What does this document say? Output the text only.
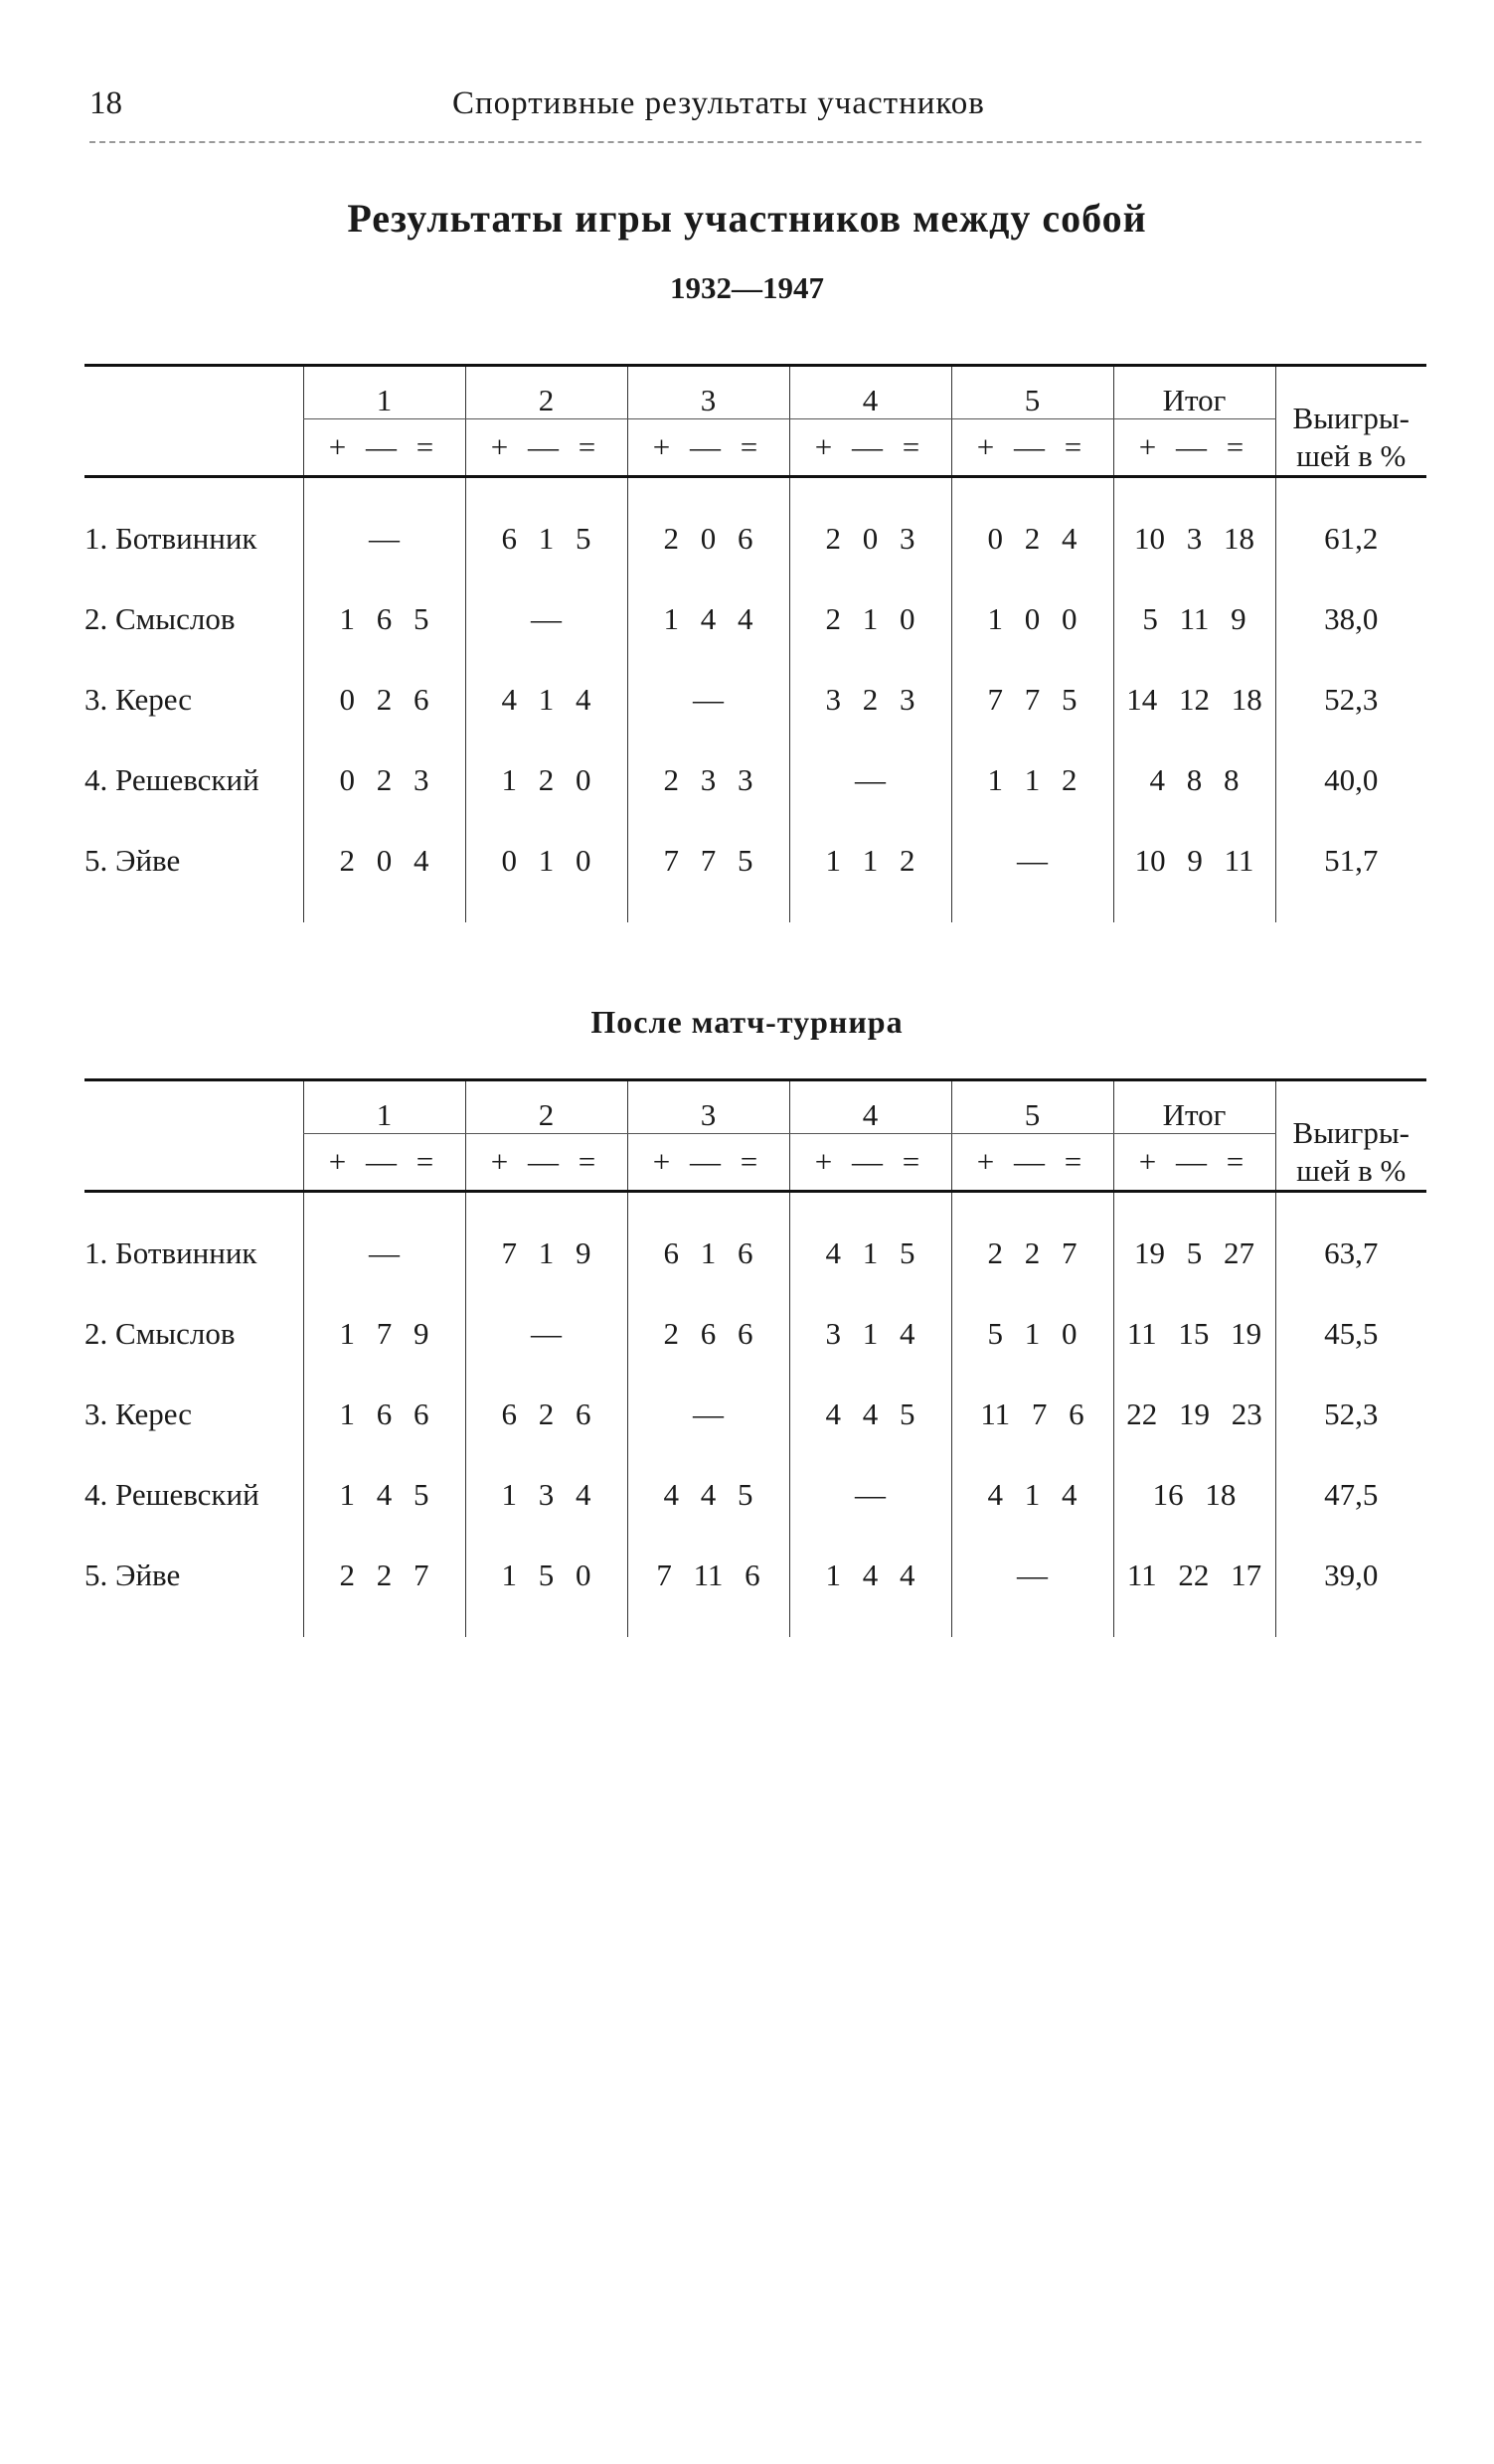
18	Спортивные результаты участников
Результаты игры участников между собой
1932—1947
	1	2	3	4	5	Итог	Выигры-
шей в %

	+ — =	+ — =	+ — =	+ — =	+ — =	+ — =	

1. Ботвинник	—	6 1 5	2 0 6	2 0 3	0 2 4	10 3 18	61,2
2. Смыслов	1 6 5	—	1 4 4	2 1 0	1 0 0	5 11 9	38,0
3. Керес	0 2 6	4 1 4	—	3 2 3	7 7 5	14 12 18	52,3
4. Решевский	0 2 3	1 2 0	2 3 3	—	1 1 2	4 8 8	40,0
5. Эйве	2 0 4	0 1 0	7 7 5	1 1 2	—	10 9 11	51,7

После матч-турнира
	1	2	3	4	5	Итог	Выигры-
шей в %

	+ — =	+ — =	+ — =	+ — =	+ — =	+ — =	

1. Ботвинник	—	7 1 9	6 1 6	4 1 5	2 2 7	19 5 27	63,7
2. Смыслов	1 7 9	—	2 6 6	3 1 4	5 1 0	11 15 19	45,5
3. Керес	1 6 6	6 2 6	—	4 4 5	11 7 6	22 19 23	52,3
4. Решевский	1 4 5	1 3 4	4 4 5	—	4 1 4	16 18	47,5
5. Эйве	2 2 7	1 5 0	7 11 6	1 4 4	—	11 22 17	39,0
